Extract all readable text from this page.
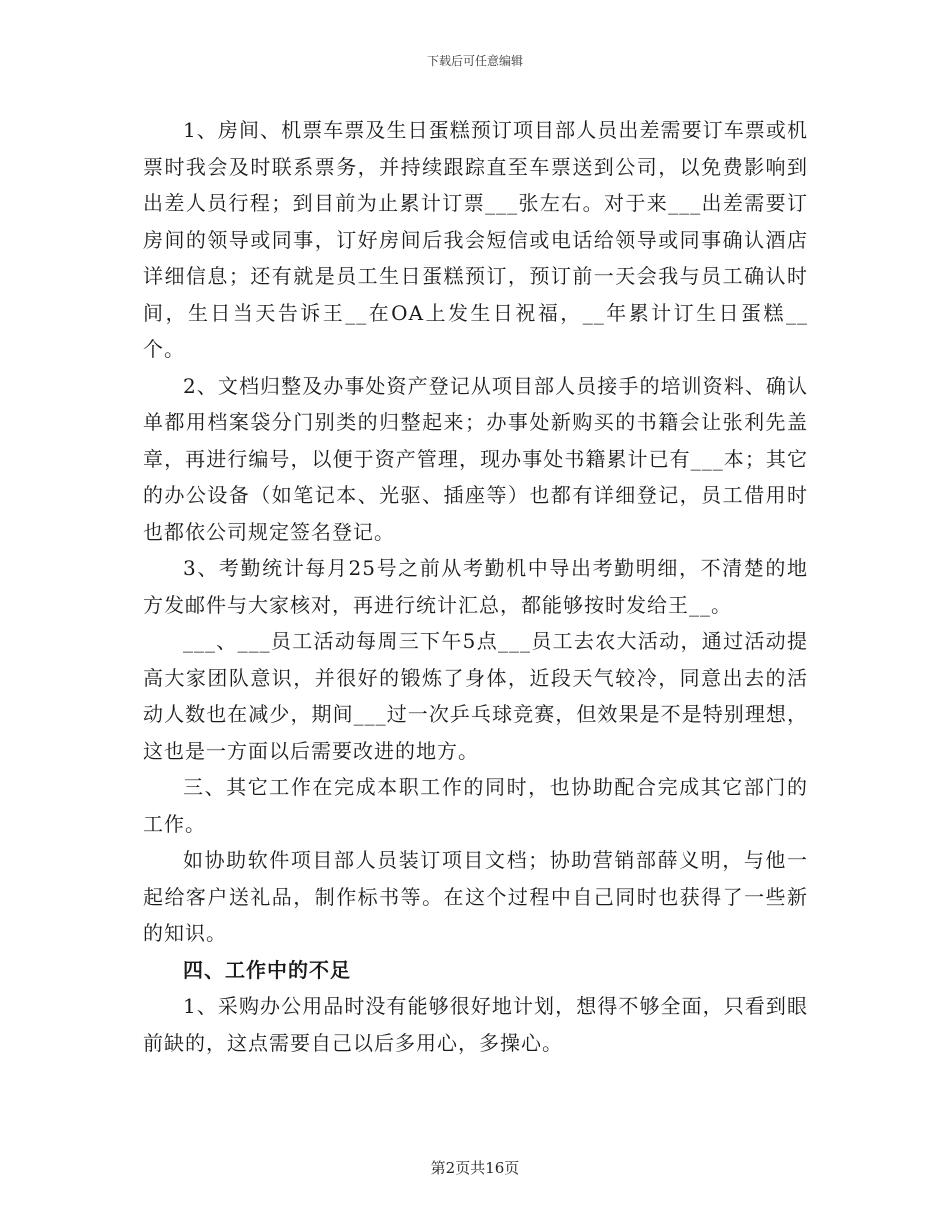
下载后可任意编辑

1、房间、机票车票及生日蛋糕预订项目部人员出差需要订车票或机票时我会及时联系票务，并持续跟踪直至车票送到公司，以免费影响到出差人员行程；到目前为止累计订票___张左右。对于来___出差需要订房间的领导或同事，订好房间后我会短信或电话给领导或同事确认酒店详细信息；还有就是员工生日蛋糕预订，预订前一天会我与员工确认时间，生日当天告诉王__在OA上发生日祝福，__年累计订生日蛋糕__个。

2、文档归整及办事处资产登记从项目部人员接手的培训资料、确认单都用档案袋分门别类的归整起来；办事处新购买的书籍会让张利先盖章，再进行编号，以便于资产管理，现办事处书籍累计已有___本；其它的办公设备（如笔记本、光驱、插座等）也都有详细登记，员工借用时也都依公司规定签名登记。

3、考勤统计每月25号之前从考勤机中导出考勤明细，不清楚的地方发邮件与大家核对，再进行统计汇总，都能够按时发给王__。

___、___员工活动每周三下午5点___员工去农大活动，通过活动提高大家团队意识，并很好的锻炼了身体，近段天气较冷，同意出去的活动人数也在减少，期间___过一次乒乓球竞赛，但效果是不是特别理想，这也是一方面以后需要改进的地方。

三、其它工作在完成本职工作的同时，也协助配合完成其它部门的工作。

如协助软件项目部人员装订项目文档；协助营销部薛义明，与他一起给客户送礼品，制作标书等。在这个过程中自己同时也获得了一些新的知识。

四、工作中的不足

1、采购办公用品时没有能够很好地计划，想得不够全面，只看到眼前缺的，这点需要自己以后多用心，多操心。

第2页共16页
